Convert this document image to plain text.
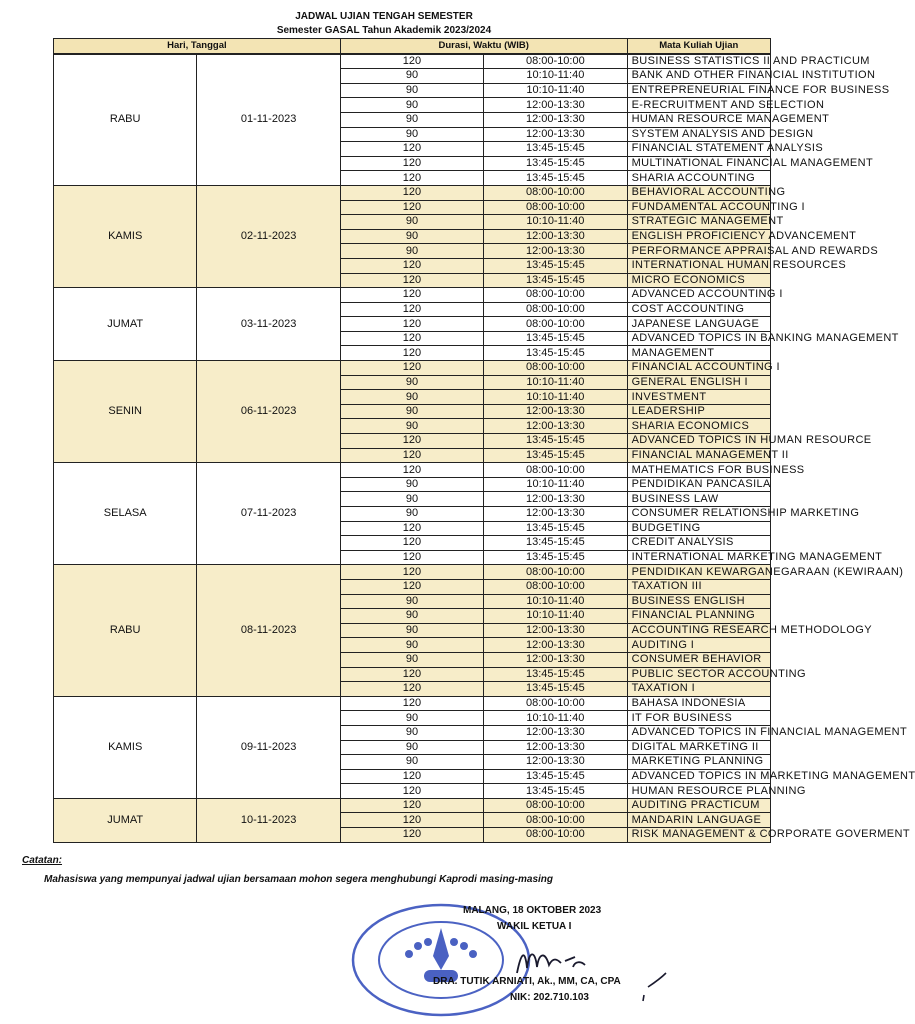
JADWAL UJIAN TENGAH SEMESTER
Semester GASAL Tahun Akademik 2023/2024
Hari, Tanggal		Durasi, Waktu (WIB)		Mata Kuliah Ujian

RABU	01-11-2023	120	08:00-10:00	BUSINESS STATISTICS II AND PRACTICUM
		90	10:10-11:40	BANK AND OTHER FINANCIAL INSTITUTION
		90	10:10-11:40	ENTREPRENEURIAL FINANCE FOR BUSINESS
		90	12:00-13:30	E-RECRUITMENT AND SELECTION
		90	12:00-13:30	HUMAN RESOURCE MANAGEMENT
		90	12:00-13:30	SYSTEM ANALYSIS AND DESIGN
		120	13:45-15:45	FINANCIAL STATEMENT ANALYSIS
		120	13:45-15:45	MULTINATIONAL FINANCIAL MANAGEMENT
		120	13:45-15:45	SHARIA ACCOUNTING
KAMIS	02-11-2023	120	08:00-10:00	BEHAVIORAL ACCOUNTING
		120	08:00-10:00	FUNDAMENTAL ACCOUNTING I
		90	10:10-11:40	STRATEGIC MANAGEMENT
		90	12:00-13:30	ENGLISH PROFICIENCY ADVANCEMENT
		90	12:00-13:30	PERFORMANCE APPRAISAL AND REWARDS
		120	13:45-15:45	INTERNATIONAL HUMAN RESOURCES
		120	13:45-15:45	MICRO ECONOMICS
JUMAT	03-11-2023	120	08:00-10:00	ADVANCED ACCOUNTING I
		120	08:00-10:00	COST ACCOUNTING
		120	08:00-10:00	JAPANESE LANGUAGE
		120	13:45-15:45	ADVANCED TOPICS IN BANKING MANAGEMENT
		120	13:45-15:45	MANAGEMENT
SENIN	06-11-2023	120	08:00-10:00	FINANCIAL ACCOUNTING I
		90	10:10-11:40	GENERAL ENGLISH I
		90	10:10-11:40	INVESTMENT
		90	12:00-13:30	LEADERSHIP
		90	12:00-13:30	SHARIA ECONOMICS
		120	13:45-15:45	ADVANCED TOPICS IN HUMAN RESOURCE
		120	13:45-15:45	FINANCIAL MANAGEMENT II
SELASA	07-11-2023	120	08:00-10:00	MATHEMATICS FOR BUSINESS
		90	10:10-11:40	PENDIDIKAN PANCASILA
		90	12:00-13:30	BUSINESS LAW
		90	12:00-13:30	CONSUMER RELATIONSHIP MARKETING
		120	13:45-15:45	BUDGETING
		120	13:45-15:45	CREDIT ANALYSIS
		120	13:45-15:45	INTERNATIONAL MARKETING MANAGEMENT
RABU	08-11-2023	120	08:00-10:00	PENDIDIKAN KEWARGANEGARAAN (KEWIRAAN)
		120	08:00-10:00	TAXATION III
		90	10:10-11:40	BUSINESS ENGLISH
		90	10:10-11:40	FINANCIAL PLANNING
		90	12:00-13:30	ACCOUNTING RESEARCH METHODOLOGY
		90	12:00-13:30	AUDITING I
		90	12:00-13:30	CONSUMER BEHAVIOR
		120	13:45-15:45	PUBLIC SECTOR ACCOUNTING
		120	13:45-15:45	TAXATION I
KAMIS	09-11-2023	120	08:00-10:00	BAHASA INDONESIA
		90	10:10-11:40	IT FOR BUSINESS
		90	12:00-13:30	ADVANCED TOPICS IN FINANCIAL MANAGEMENT
		90	12:00-13:30	DIGITAL MARKETING II
		90	12:00-13:30	MARKETING PLANNING
		120	13:45-15:45	ADVANCED TOPICS IN MARKETING MANAGEMENT
		120	13:45-15:45	HUMAN RESOURCE PLANNING
JUMAT	10-11-2023	120	08:00-10:00	AUDITING PRACTICUM
		120	08:00-10:00	MANDARIN LANGUAGE
		120	08:00-10:00	RISK MANAGEMENT & CORPORATE GOVERMENT
Catatan:
Mahasiswa yang mempunyai jadwal ujian bersamaan mohon segera menghubungi Kaprodi masing-masing
MALANG, 18 OKTOBER 2023
WAKIL KETUA I
DRA. TUTIK ARNIATI, Ak., MM, CA, CPA
NIK: 202.710.103
